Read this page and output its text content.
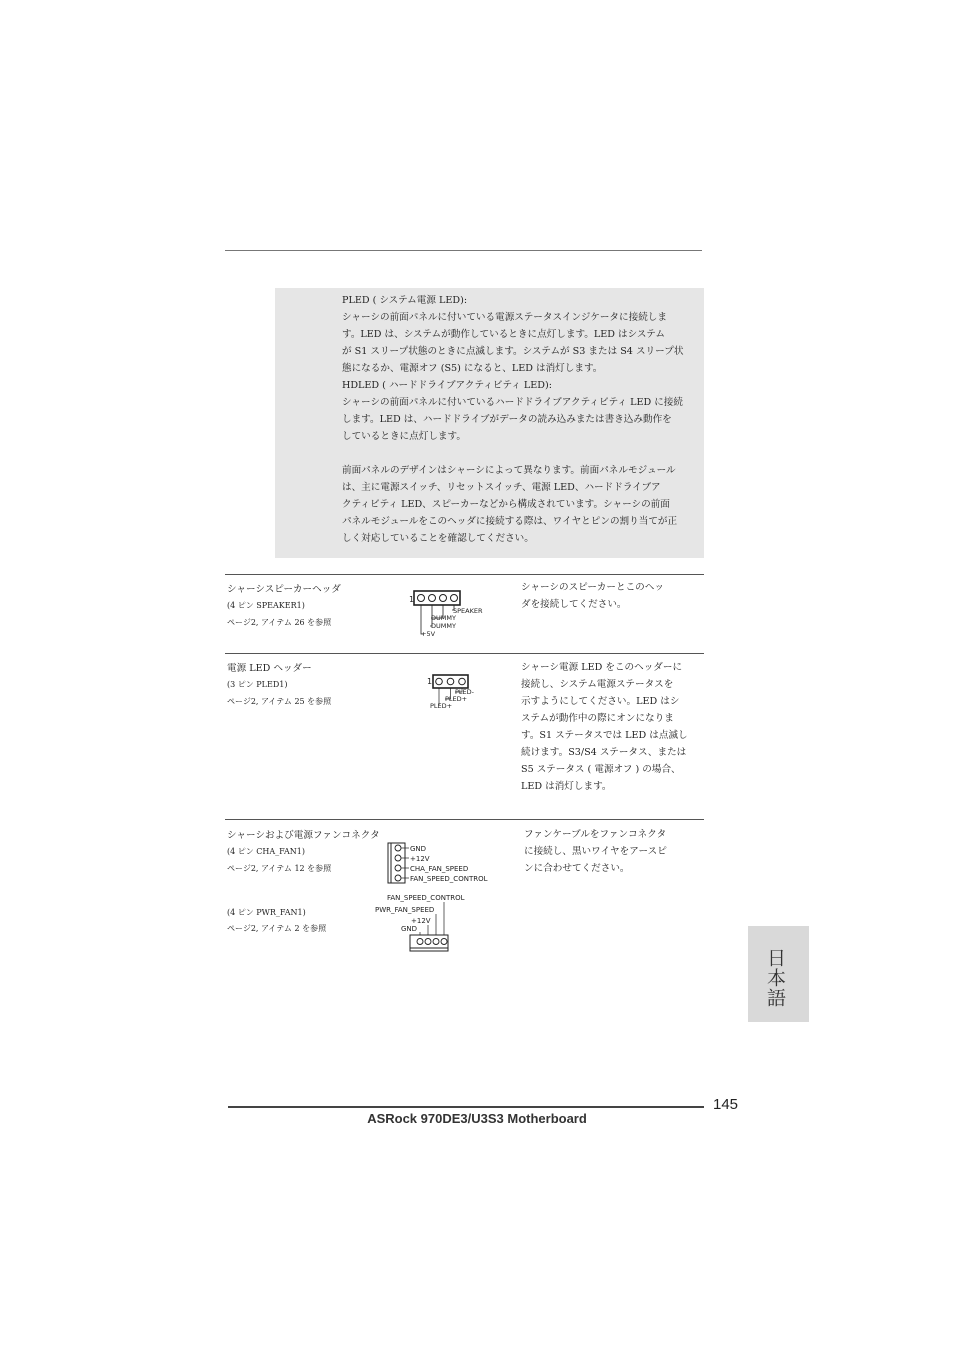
PLED ( システム電源 LED):
シャーシの前面パネルに付いている電源ステータスインジケータに接続しま
す。LED は、システムが動作しているときに点灯します。LED はシステム
が S1 スリープ状態のときに点滅します。システムが S3 または S4 スリープ状
態になるか、電源オフ (S5) になると、LED は消灯します。
HDLED ( ハードドライブアクティビティ LED):
シャーシの前面パネルに付いているハードドライブアクティビティ LED に接続
します。LED は、ハードドライブがデータの読み込みまたは書き込み動作を
しているときに点灯します。
前面パネルのデザインはシャーシによって異なります。前面パネルモジュール
は、主に電源スイッチ、リセットスイッチ、電源 LED、ハードドライブア
クティビティ LED、スピーカーなどから構成されています。シャーシの前面
パネルモジュールをこのヘッダに接続する際は、ワイヤとピンの割り当てが正
しく対応していることを確認してください。
シャーシスピーカーヘッダ
(4 ピン SPEAKER1)
ページ2, アイテム 26 を参照
1
SPEAKER
DUMMY
DUMMY
+5V
シャーシのスピーカーとこのヘッ
ダを接続してください。
電源 LED ヘッダー
(3 ピン PLED1)
ページ2, アイテム 25 を参照
1
PLED-
PLED+
PLED+
シャーシ電源 LED をこのヘッダーに
接続し、システム電源ステータスを
示すようにしてください。LED はシ
ステムが動作中の際にオンになりま
す。S1 ステータスでは LED は点滅し
続けます。S3/S4 ステータス、または
S5 ステータス ( 電源オフ ) の場合、
LED は消灯します。
シャーシおよび電源ファンコネクタ
(4 ピン CHA_FAN1)
ページ2, アイテム 12 を参照
(4 ピン PWR_FAN1)
ページ2, アイテム 2 を参照
GND
+12V
CHA_FAN_SPEED
FAN_SPEED_CONTROL
FAN_SPEED_CONTROL
PWR_FAN_SPEED
+12V
GND
ファンケーブルをファンコネクタ
に接続し、黒いワイヤをアースピ
ンに合わせてください。
日本語
145
ASRock 970DE3/U3S3 Motherboard
